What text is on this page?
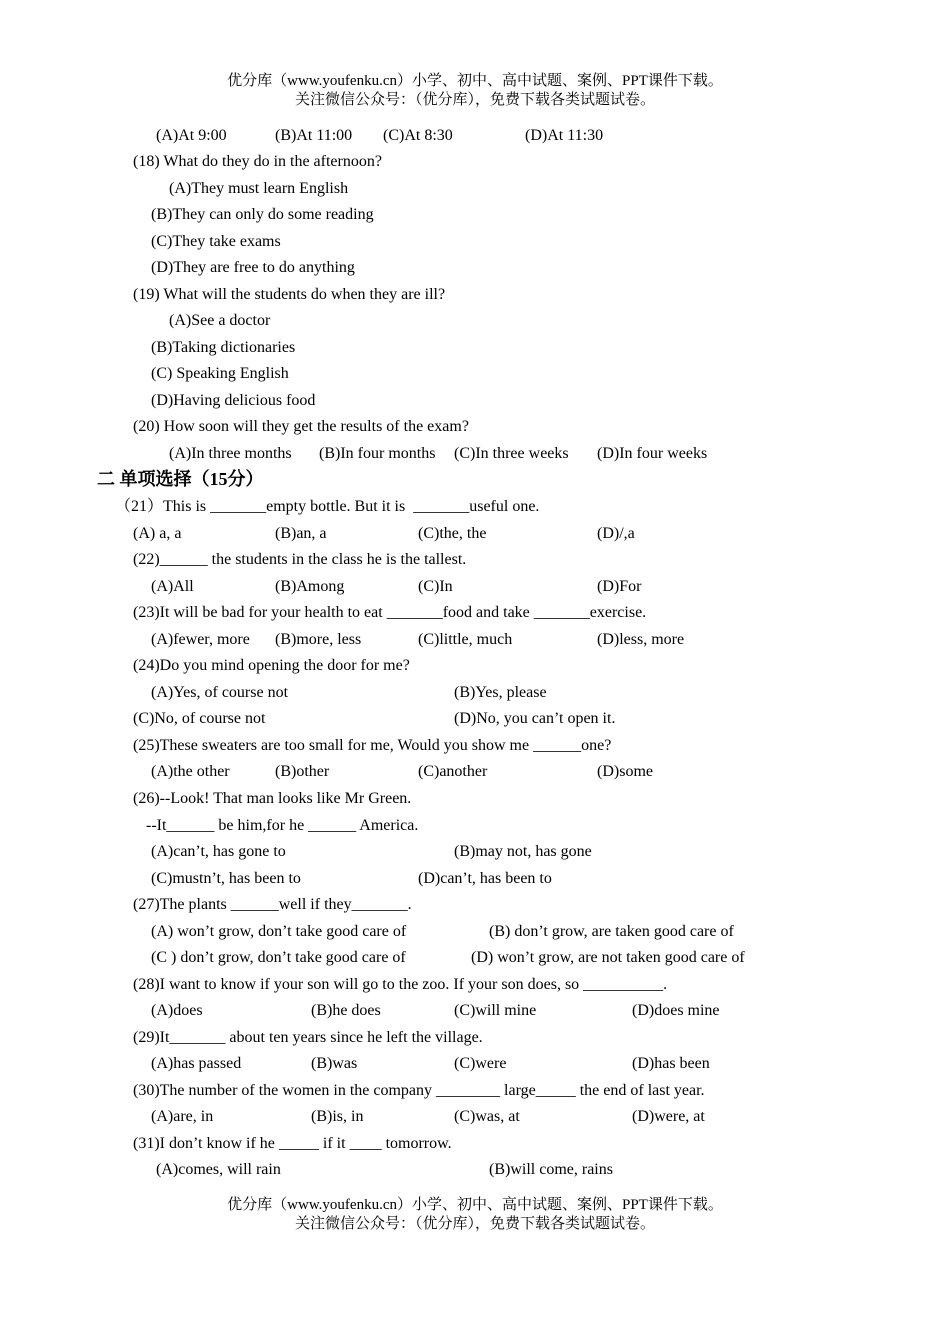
优分库（www.youfenku.cn）小学、初中、高中试题、案例、PPT课件下载。
关注微信公众号：（优分库），免费下载各类试题试卷。
(A)At 9:00	(B)At 11:00 (C)At 8:30	(D)At 11:30
(18) What do they do in the afternoon?
(A)They must learn English
(B)They can only do some reading
(C)They take exams
(D)They are free to do anything
(19) What will the students do when they are ill?
(A)See a doctor
(B)Taking dictionaries
(C) Speaking English
(D)Having delicious food
(20) How soon will they get the results of the exam?
(A)In three months (B)In four months (C)In three weeks (D)In four weeks
二 单项选择（15分）
（21）This is _______empty bottle. But it is  _______useful one.
(A) a, a	(B)an, a	(C)the, the	(D)/,a
(22)______ the students in the class he is the tallest.
(A)All	(B)Among	(C)In	(D)For
(23)It will be bad for your health to eat _______food and take _______exercise.
(A)fewer, more (B)more, less	(C)little, much	(D)less, more
(24)Do you mind opening the door for me?
(A)Yes, of course not	(B)Yes, please
(C)No, of course not	(D)No, you can’t open it.
(25)These sweaters are too small for me, Would you show me ______one?
(A)the other	(B)other	(C)another	(D)some
(26)--Look! That man looks like Mr Green.
--It______ be him,for he ______ America.
(A)can’t, has gone to	(B)may not, has gone
(C)mustn’t, has been to	(D)can’t, has been to
(27)The plants ______well if they_______.
(A) won’t grow, don’t take good care of	(B) don’t grow, are taken good care of
(C ) don’t grow, don’t take good care of	(D) won’t grow, are not taken good care of
(28)I want to know if your son will go to the zoo. If your son does, so __________.
(A)does	(B)he does	(C)will mine	(D)does mine
(29)It_______ about ten years since he left the village.
(A)has passed	(B)was	(C)were	(D)has been
(30)The number of the women in the company ________ large_____ the end of last year.
(A)are, in	(B)is, in	(C)was, at	(D)were, at
(31)I don’t know if he _____ if it ____ tomorrow.
(A)comes, will rain	(B)will come, rains
优分库（www.youfenku.cn）小学、初中、高中试题、案例、PPT课件下载。
关注微信公众号：（优分库），免费下载各类试题试卷。
